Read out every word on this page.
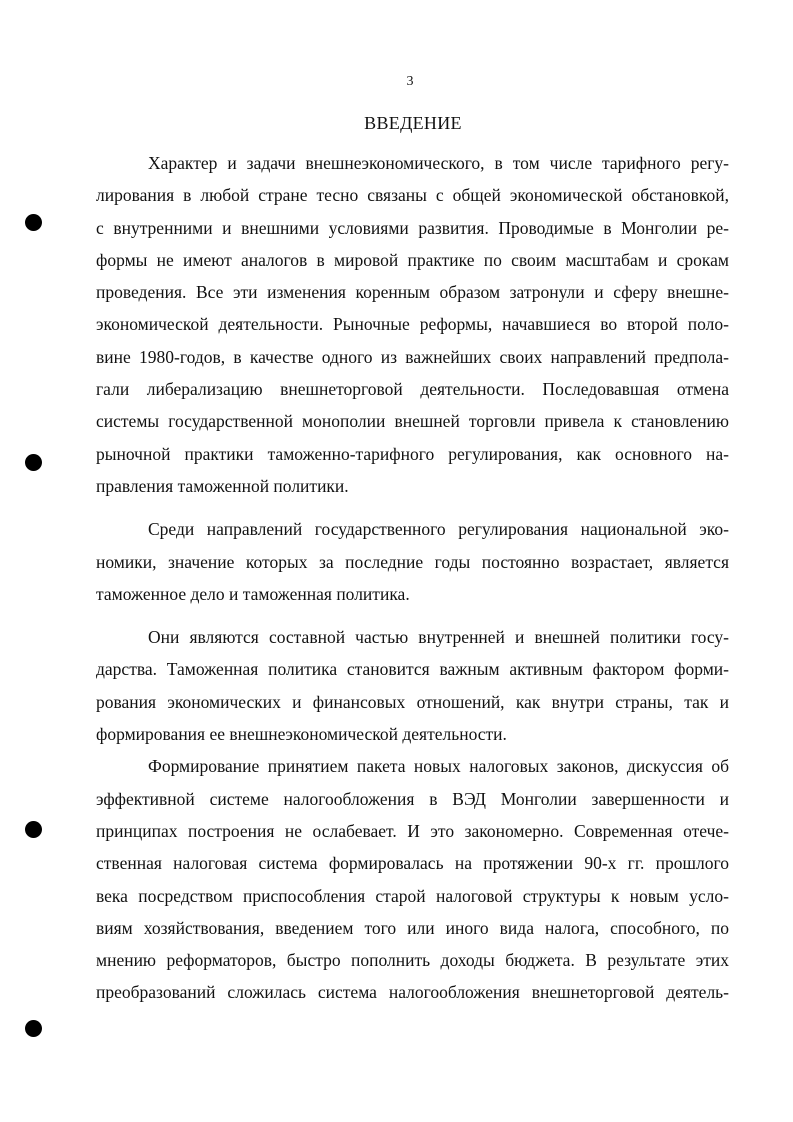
3
ВВЕДЕНИЕ

Характер и задачи внешнеэкономического, в том числе тарифного регу-
лирования в любой стране тесно связаны с общей экономической обстановкой,
с внутренними и внешними условиями развития. Проводимые в Монголии ре-
формы не имеют аналогов в мировой практике по своим масштабам и срокам
проведения. Все эти изменения коренным образом затронули и сферу внешне-
экономической деятельности. Рыночные реформы, начавшиеся во второй поло-
вине 1980-годов, в качестве одного из важнейших своих направлений предпола-
гали либерализацию внешнеторговой деятельности. Последовавшая отмена
системы государственной монополии внешней торговли привела к становлению
рыночной практики таможенно-тарифного регулирования, как основного на-
правления таможенной политики.

Среди направлений государственного регулирования национальной эко-
номики, значение которых за последние годы постоянно возрастает, является
таможенное дело и таможенная политика.

Они являются составной частью внутренней и внешней политики госу-
дарства. Таможенная политика становится важным активным фактором форми-
рования экономических и финансовых отношений, как внутри страны, так и
формирования ее внешнеэкономической деятельности.

Формирование принятием пакета новых налоговых законов, дискуссия об
эффективной системе налогообложения в ВЭД Монголии завершенности и
принципах построения не ослабевает. И это закономерно. Современная отече-
ственная налоговая система формировалась на протяжении 90-х гг. прошлого
века посредством приспособления старой налоговой структуры к новым усло-
виям хозяйствования, введением того или иного вида налога, способного, по
мнению реформаторов, быстро пополнить доходы бюджета. В результате этих
преобразований сложилась система налогообложения внешнеторговой деятель-
